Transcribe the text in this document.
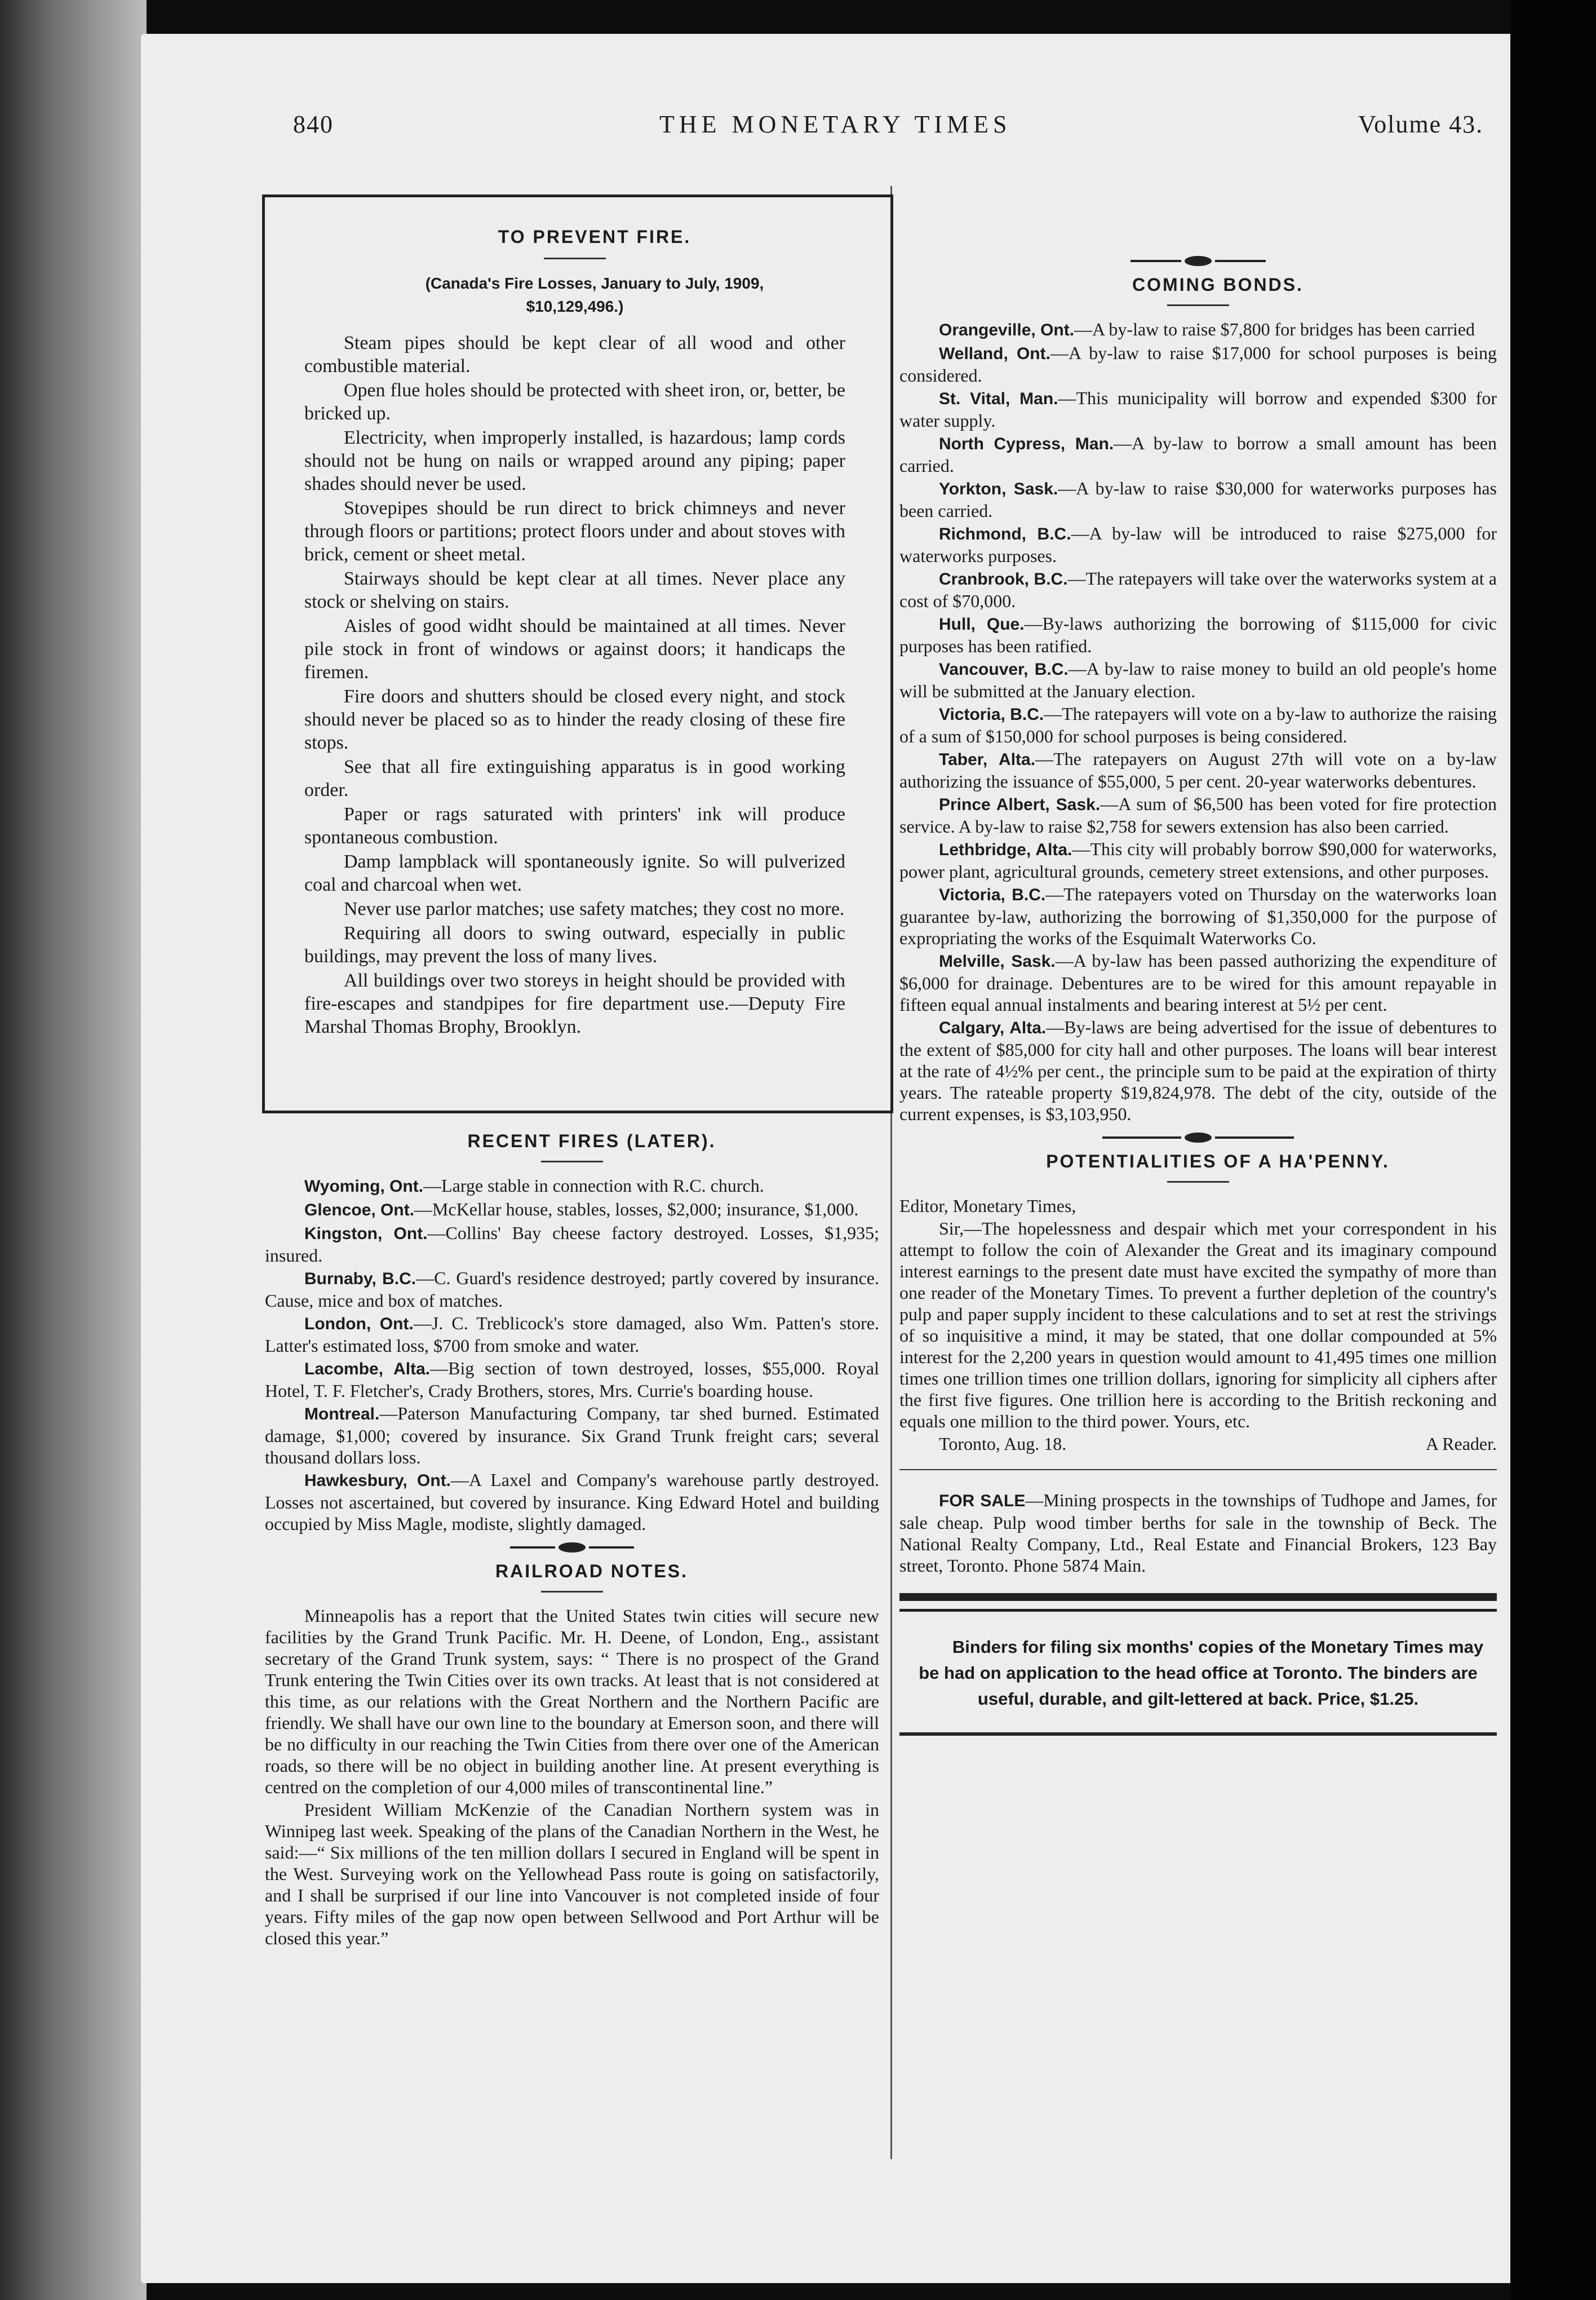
840	THE MONETARY TIMES	Volume 43.

TO PREVENT FIRE.

(Canada's Fire Losses, January to July, 1909, $10,129,496.)

Steam pipes should be kept clear of all wood and other combustible material.

Open flue holes should be protected with sheet iron, or, better, be bricked up.

Electricity, when improperly installed, is hazardous; lamp cords should not be hung on nails or wrapped around any piping; paper shades should never be used.

Stovepipes should be run direct to brick chimneys and never through floors or partitions; protect floors under and about stoves with brick, cement or sheet metal.

Stairways should be kept clear at all times. Never place any stock or shelving on stairs.

Aisles of good widht should be maintained at all times. Never pile stock in front of windows or against doors; it handicaps the firemen.

Fire doors and shutters should be closed every night, and stock should never be placed so as to hinder the ready closing of these fire stops.

See that all fire extinguishing apparatus is in good working order.

Paper or rags saturated with printers' ink will produce spontaneous combustion.

Damp lampblack will spontaneously ignite. So will pulverized coal and charcoal when wet.

Never use parlor matches; use safety matches; they cost no more.

Requiring all doors to swing outward, especially in public buildings, may prevent the loss of many lives.

All buildings over two storeys in height should be provided with fire-escapes and standpipes for fire department use.—Deputy Fire Marshal Thomas Brophy, Brooklyn.

RECENT FIRES (LATER).

Wyoming, Ont.—Large stable in connection with R.C. church.

Glencoe, Ont.—McKellar house, stables, losses, $2,000; insurance, $1,000.

Kingston, Ont.—Collins' Bay cheese factory destroyed. Losses, $1,935; insured.

Burnaby, B.C.—C. Guard's residence destroyed; partly covered by insurance. Cause, mice and box of matches.

London, Ont.—J. C. Treblicock's store damaged, also Wm. Patten's store. Latter's estimated loss, $700 from smoke and water.

Lacombe, Alta.—Big section of town destroyed, losses, $55,000. Royal Hotel, T. F. Fletcher's, Crady Brothers, stores, Mrs. Currie's boarding house.

Montreal.—Paterson Manufacturing Company, tar shed burned. Estimated damage, $1,000; covered by insurance. Six Grand Trunk freight cars; several thousand dollars loss.

Hawkesbury, Ont.—A Laxel and Company's warehouse partly destroyed. Losses not ascertained, but covered by insurance. King Edward Hotel and building occupied by Miss Magle, modiste, slightly damaged.

RAILROAD NOTES.

Minneapolis has a report that the United States twin cities will secure new facilities by the Grand Trunk Pacific. Mr. H. Deene, of London, Eng., assistant secretary of the Grand Trunk system, says: “ There is no prospect of the Grand Trunk entering the Twin Cities over its own tracks. At least that is not considered at this time, as our relations with the Great Northern and the Northern Pacific are friendly. We shall have our own line to the boundary at Emerson soon, and there will be no difficulty in our reaching the Twin Cities from there over one of the American roads, so there will be no object in building another line. At present everything is centred on the completion of our 4,000 miles of transcontinental line.”

President William McKenzie of the Canadian Northern system was in Winnipeg last week. Speaking of the plans of the Canadian Northern in the West, he said:—“ Six millions of the ten million dollars I secured in England will be spent in the West. Surveying work on the Yellowhead Pass route is going on satisfactorily, and I shall be surprised if our line into Vancouver is not completed inside of four years. Fifty miles of the gap now open between Sellwood and Port Arthur will be closed this year.”

COMING BONDS.

Orangeville, Ont.—A by-law to raise $7,800 for bridges has been carried

Welland, Ont.—A by-law to raise $17,000 for school purposes is being considered.

St. Vital, Man.—This municipality will borrow and expended $300 for water supply.

North Cypress, Man.—A by-law to borrow a small amount has been carried.

Yorkton, Sask.—A by-law to raise $30,000 for waterworks purposes has been carried.

Richmond, B.C.—A by-law will be introduced to raise $275,000 for waterworks purposes.

Cranbrook, B.C.—The ratepayers will take over the waterworks system at a cost of $70,000.

Hull, Que.—By-laws authorizing the borrowing of $115,000 for civic purposes has been ratified.

Vancouver, B.C.—A by-law to raise money to build an old people's home will be submitted at the January election.

Victoria, B.C.—The ratepayers will vote on a by-law to authorize the raising of a sum of $150,000 for school purposes is being considered.

Taber, Alta.—The ratepayers on August 27th will vote on a by-law authorizing the issuance of $55,000, 5 per cent. 20-year waterworks debentures.

Prince Albert, Sask.—A sum of $6,500 has been voted for fire protection service. A by-law to raise $2,758 for sewers extension has also been carried.

Lethbridge, Alta.—This city will probably borrow $90,000 for waterworks, power plant, agricultural grounds, cemetery street extensions, and other purposes.

Victoria, B.C.—The ratepayers voted on Thursday on the waterworks loan guarantee by-law, authorizing the borrowing of $1,350,000 for the purpose of expropriating the works of the Esquimalt Waterworks Co.

Melville, Sask.—A by-law has been passed authorizing the expenditure of $6,000 for drainage. Debentures are to be wired for this amount repayable in fifteen equal annual instalments and bearing interest at 5½ per cent.

Calgary, Alta.—By-laws are being advertised for the issue of debentures to the extent of $85,000 for city hall and other purposes. The loans will bear interest at the rate of 4½% per cent., the principle sum to be paid at the expiration of thirty years. The rateable property $19,824,978. The debt of the city, outside of the current expenses, is $3,103,950.

POTENTIALITIES OF A HA'PENNY.

Editor, Monetary Times,

Sir,—The hopelessness and despair which met your correspondent in his attempt to follow the coin of Alexander the Great and its imaginary compound interest earnings to the present date must have excited the sympathy of more than one reader of the Monetary Times. To prevent a further depletion of the country's pulp and paper supply incident to these calculations and to set at rest the strivings of so inquisitive a mind, it may be stated, that one dollar compounded at 5% interest for the 2,200 years in question would amount to 41,495 times one million times one trillion times one trillion dollars, ignoring for simplicity all ciphers after the first five figures. One trillion here is according to the British reckoning and equals one million to the third power. Yours, etc.

Toronto, Aug. 18.	A Reader.

FOR SALE—Mining prospects in the townships of Tudhope and James, for sale cheap. Pulp wood timber berths for sale in the township of Beck. The National Realty Company, Ltd., Real Estate and Financial Brokers, 123 Bay street, Toronto. Phone 5874 Main.

Binders for filing six months' copies of the Monetary Times may be had on application to the head office at Toronto. The binders are useful, durable, and gilt-lettered at back. Price, $1.25.
